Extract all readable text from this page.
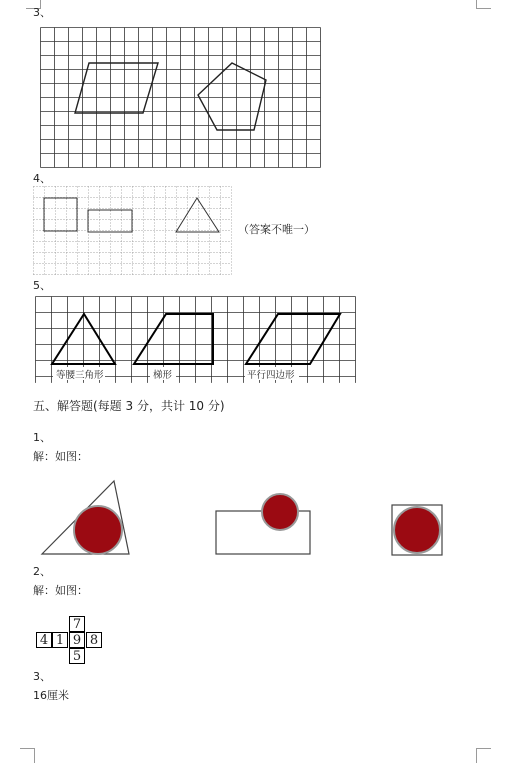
3、
4、
（答案不唯一）
5、
等腰三角形	梯形	平行四边形
五、解答题(每题 3 分，共计 10 分)
1、
解：如图：
2、
解：如图：
7
4 1 9 8
5
3、
16厘米
